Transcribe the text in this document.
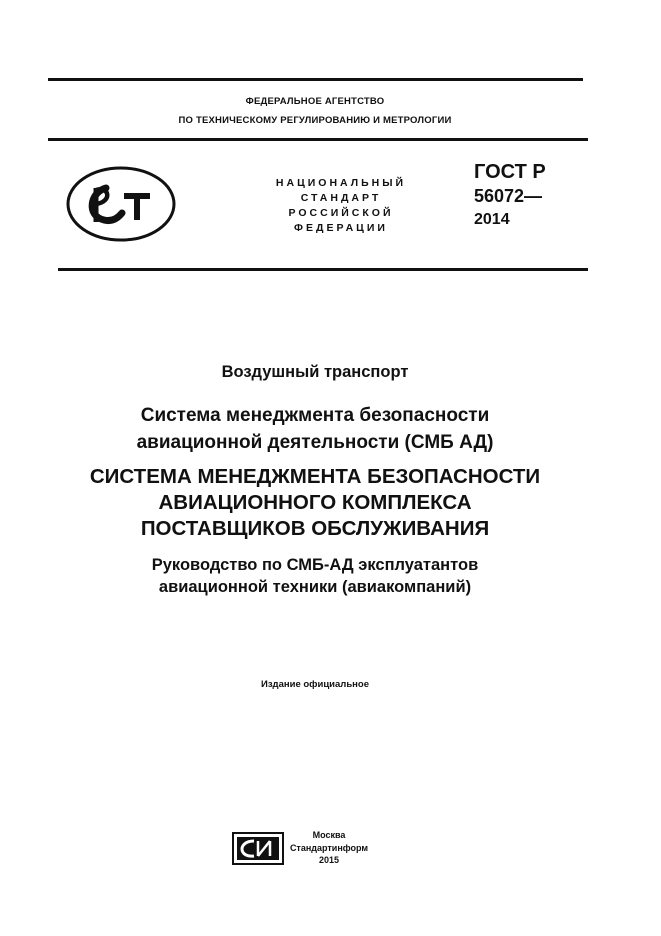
ФЕДЕРАЛЬНОЕ АГЕНТСТВО
ПО ТЕХНИЧЕСКОМУ РЕГУЛИРОВАНИЮ И МЕТРОЛОГИИ
НАЦИОНАЛЬНЫЙ
СТАНДАРТ
РОССИЙСКОЙ
ФЕДЕРАЦИИ
ГОСТ Р
56072—
2014
Воздушный транспорт
Система менеджмента безопасности
авиационной деятельности (СМБ АД)
СИСТЕМА МЕНЕДЖМЕНТА БЕЗОПАСНОСТИ
АВИАЦИОННОГО КОМПЛЕКСА
ПОСТАВЩИКОВ ОБСЛУЖИВАНИЯ
Руководство по СМБ-АД эксплуатантов
авиационной техники (авиакомпаний)
Издание официальное
Москва
Стандартинформ
2015
